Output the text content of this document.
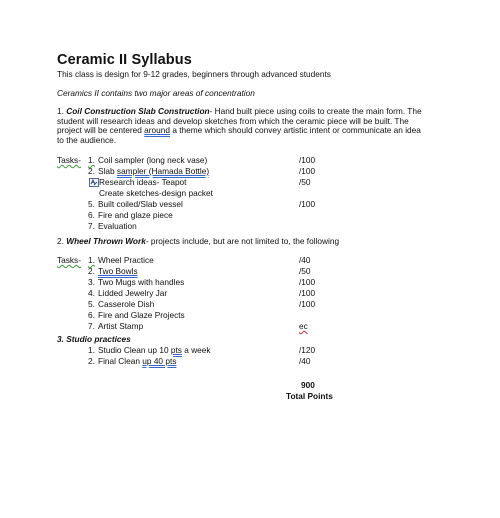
Ceramic II Syllabus
This class is design for 9-12 grades, beginners through advanced students
Ceramics II contains two major areas of concentration
1. Coil Construction Slab Construction- Hand built piece using coils to create the main form. The student will research ideas and develop sketches from which the ceramic piece will be built. The project will be centered around a theme which should convey artistic intent or communicate an idea to the audience.
Tasks- 1. Coil sampler (long neck vase)	/100
2. Slab sampler (Hamada Bottle)	/100
Research ideas- Teapot	/50
Create sketches-design packet
5. Built coiled/Slab vessel	/100
6. Fire and glaze piece
7. Evaluation
2. Wheel Thrown Work- projects include, but are not limited to, the following
Tasks- 1. Wheel Practice	/40
2. Two Bowls	/50
3. Two Mugs with handles	/100
4. Lidded Jewelry Jar	/100
5. Casserole Dish	/100
6. Fire and Glaze Projects
7. Artist Stamp	ec
3. Studio practices
1. Studio Clean up 10 pts a week	/120
2. Final Clean up 40 pts	/40
900
Total Points
